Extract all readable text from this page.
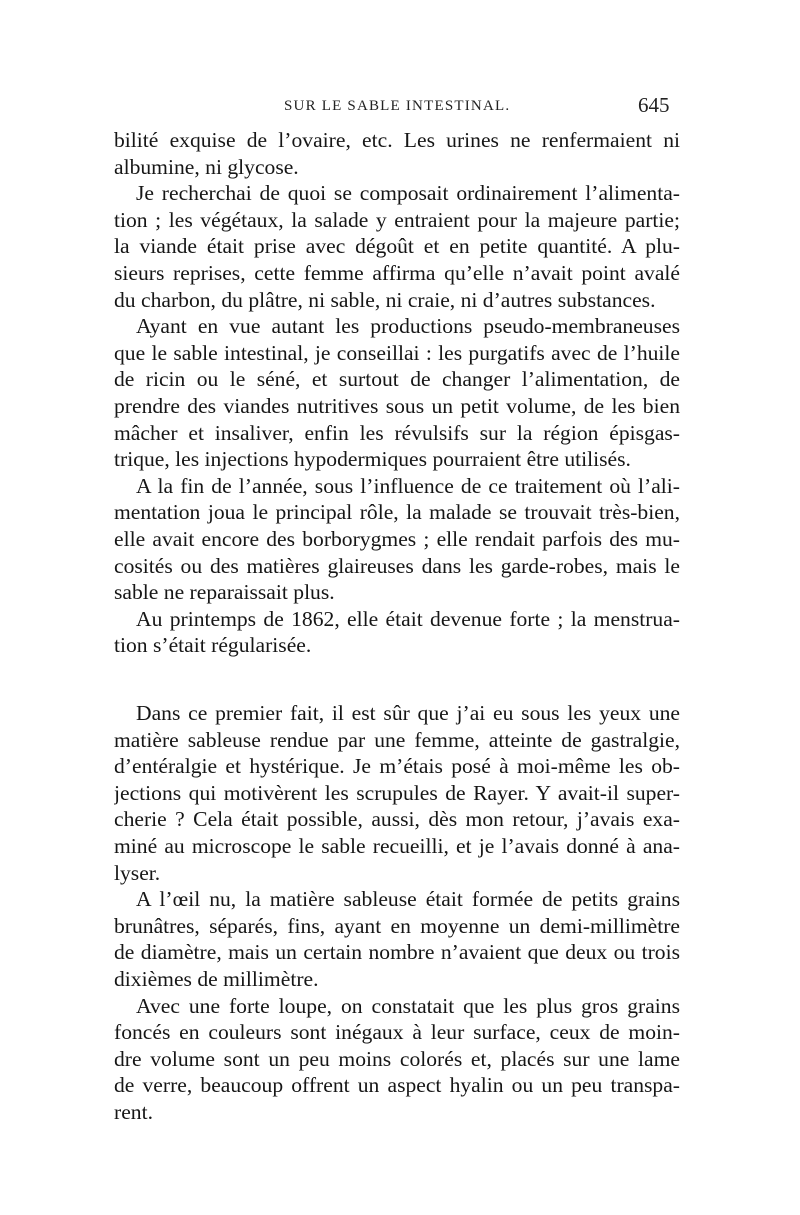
SUR LE SABLE INTESTINAL.	645
bilité exquise de l’ovaire, etc. Les urines ne renfermaient ni
albumine, ni glycose.
Je recherchai de quoi se composait ordinairement l’alimenta-
tion ; les végétaux, la salade y entraient pour la majeure partie;
la viande était prise avec dégoût et en petite quantité. A plu-
sieurs reprises, cette femme affirma qu’elle n’avait point avalé
du charbon, du plâtre, ni sable, ni craie, ni d’autres substances.
Ayant en vue autant les productions pseudo-membraneuses
que le sable intestinal, je conseillai : les purgatifs avec de l’huile
de ricin ou le séné, et surtout de changer l’alimentation, de
prendre des viandes nutritives sous un petit volume, de les bien
mâcher et insaliver, enfin les révulsifs sur la région épisgas-
trique, les injections hypodermiques pourraient être utilisés.
A la fin de l’année, sous l’influence de ce traitement où l’ali-
mentation joua le principal rôle, la malade se trouvait très-bien,
elle avait encore des borborygmes ; elle rendait parfois des mu-
cosités ou des matières glaireuses dans les garde-robes, mais le
sable ne reparaissait plus.
Au printemps de 1862, elle était devenue forte ; la menstrua-
tion s’était régularisée.
Dans ce premier fait, il est sûr que j’ai eu sous les yeux une
matière sableuse rendue par une femme, atteinte de gastralgie,
d’entéralgie et hystérique. Je m’étais posé à moi-même les ob-
jections qui motivèrent les scrupules de Rayer. Y avait-il super-
cherie ? Cela était possible, aussi, dès mon retour, j’avais exa-
miné au microscope le sable recueilli, et je l’avais donné à ana-
lyser.
A l’œil nu, la matière sableuse était formée de petits grains
brunâtres, séparés, fins, ayant en moyenne un demi-millimètre
de diamètre, mais un certain nombre n’avaient que deux ou trois
dixièmes de millimètre.
Avec une forte loupe, on constatait que les plus gros grains
foncés en couleurs sont inégaux à leur surface, ceux de moin-
dre volume sont un peu moins colorés et, placés sur une lame
de verre, beaucoup offrent un aspect hyalin ou un peu transpa-
rent.
